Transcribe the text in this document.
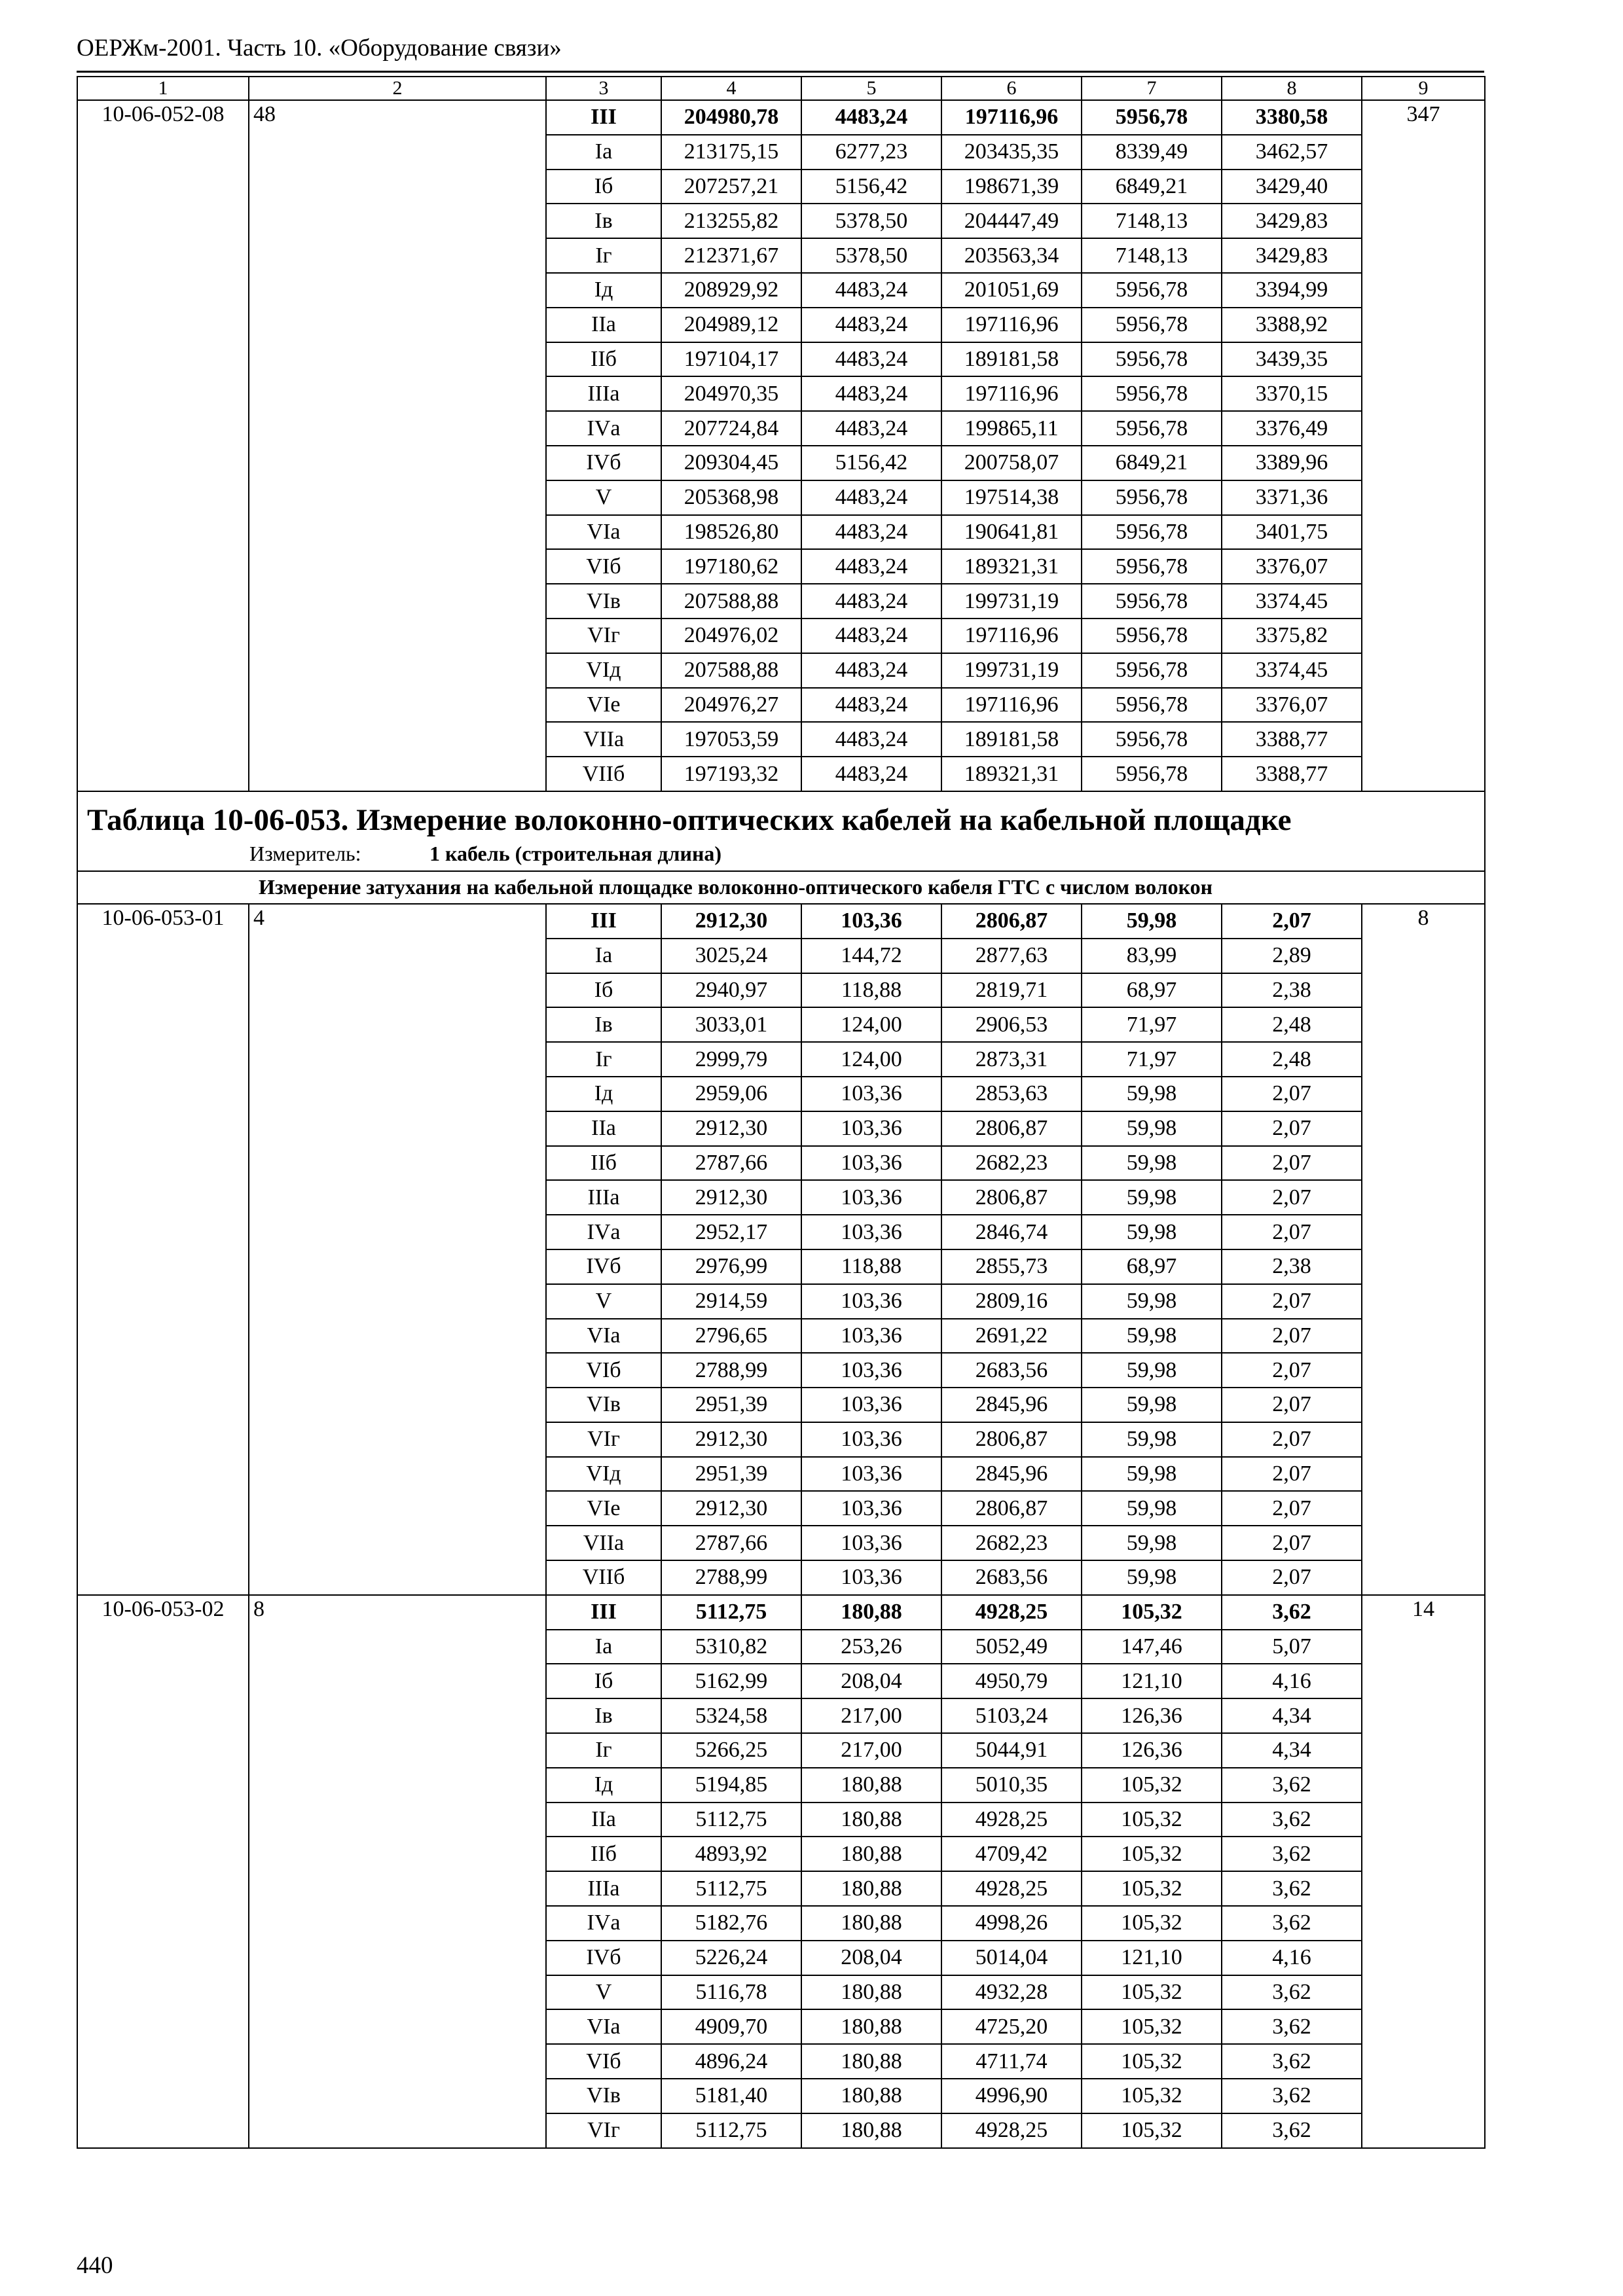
ОЕРЖм-2001. Часть 10. «Оборудование связи»
1	2	3	4	5	6	7	8	9
10-06-052-08	48	III	204980,78	4483,24	197116,96	5956,78	3380,58	347
		Iа	213175,15	6277,23	203435,35	8339,49	3462,57	
		Iб	207257,21	5156,42	198671,39	6849,21	3429,40	
		Iв	213255,82	5378,50	204447,49	7148,13	3429,83	
		Iг	212371,67	5378,50	203563,34	7148,13	3429,83	
		Iд	208929,92	4483,24	201051,69	5956,78	3394,99	
		IIа	204989,12	4483,24	197116,96	5956,78	3388,92	
		IIб	197104,17	4483,24	189181,58	5956,78	3439,35	
		IIIа	204970,35	4483,24	197116,96	5956,78	3370,15	
		IVа	207724,84	4483,24	199865,11	5956,78	3376,49	
		IVб	209304,45	5156,42	200758,07	6849,21	3389,96	
		V	205368,98	4483,24	197514,38	5956,78	3371,36	
		VIа	198526,80	4483,24	190641,81	5956,78	3401,75	
		VIб	197180,62	4483,24	189321,31	5956,78	3376,07	
		VIв	207588,88	4483,24	199731,19	5956,78	3374,45	
		VIг	204976,02	4483,24	197116,96	5956,78	3375,82	
		VIд	207588,88	4483,24	199731,19	5956,78	3374,45	
		VIе	204976,27	4483,24	197116,96	5956,78	3376,07	
		VIIа	197053,59	4483,24	189181,58	5956,78	3388,77	
		VIIб	197193,32	4483,24	189321,31	5956,78	3388,77	
Таблица 10-06-053. Измерение волоконно-оптических кабелей на кабельной площадке								
Измеритель: 1 кабель (строительная длина)								
Измерение затухания на кабельной площадке волоконно-оптического кабеля ГТС с числом волокон								
10-06-053-01	4	III	2912,30	103,36	2806,87	59,98	2,07	8
		Iа	3025,24	144,72	2877,63	83,99	2,89	
		Iб	2940,97	118,88	2819,71	68,97	2,38	
		Iв	3033,01	124,00	2906,53	71,97	2,48	
		Iг	2999,79	124,00	2873,31	71,97	2,48	
		Iд	2959,06	103,36	2853,63	59,98	2,07	
		IIа	2912,30	103,36	2806,87	59,98	2,07	
		IIб	2787,66	103,36	2682,23	59,98	2,07	
		IIIа	2912,30	103,36	2806,87	59,98	2,07	
		IVа	2952,17	103,36	2846,74	59,98	2,07	
		IVб	2976,99	118,88	2855,73	68,97	2,38	
		V	2914,59	103,36	2809,16	59,98	2,07	
		VIа	2796,65	103,36	2691,22	59,98	2,07	
		VIб	2788,99	103,36	2683,56	59,98	2,07	
		VIв	2951,39	103,36	2845,96	59,98	2,07	
		VIг	2912,30	103,36	2806,87	59,98	2,07	
		VIд	2951,39	103,36	2845,96	59,98	2,07	
		VIе	2912,30	103,36	2806,87	59,98	2,07	
		VIIа	2787,66	103,36	2682,23	59,98	2,07	
		VIIб	2788,99	103,36	2683,56	59,98	2,07	
10-06-053-02	8	III	5112,75	180,88	4928,25	105,32	3,62	14
		Iа	5310,82	253,26	5052,49	147,46	5,07	
		Iб	5162,99	208,04	4950,79	121,10	4,16	
		Iв	5324,58	217,00	5103,24	126,36	4,34	
		Iг	5266,25	217,00	5044,91	126,36	4,34	
		Iд	5194,85	180,88	5010,35	105,32	3,62	
		IIа	5112,75	180,88	4928,25	105,32	3,62	
		IIб	4893,92	180,88	4709,42	105,32	3,62	
		IIIа	5112,75	180,88	4928,25	105,32	3,62	
		IVа	5182,76	180,88	4998,26	105,32	3,62	
		IVб	5226,24	208,04	5014,04	121,10	4,16	
		V	5116,78	180,88	4932,28	105,32	3,62	
		VIа	4909,70	180,88	4725,20	105,32	3,62	
		VIб	4896,24	180,88	4711,74	105,32	3,62	
		VIв	5181,40	180,88	4996,90	105,32	3,62	
		VIг	5112,75	180,88	4928,25	105,32	3,62	
440
